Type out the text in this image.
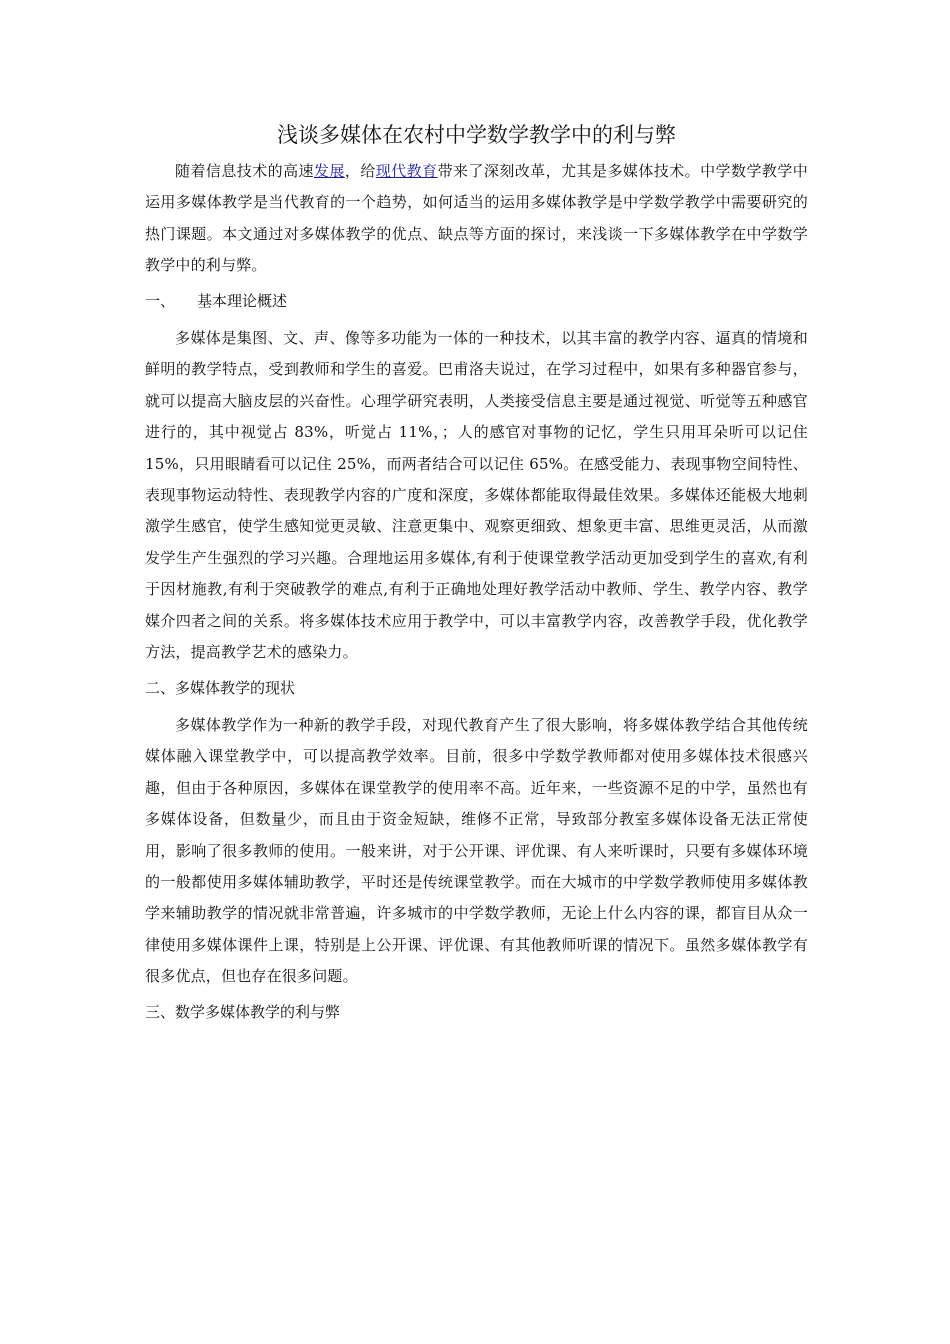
浅谈多媒体在农村中学数学教学中的利与弊

随着信息技术的高速发展，给现代教育带来了深刻改革，尤其是多媒体技术。中学数学教学中运用多媒体教学是当代教育的一个趋势，如何适当的运用多媒体教学是中学数学教学中需要研究的热门课题。本文通过对多媒体教学的优点、缺点等方面的探讨，来浅谈一下多媒体教学在中学数学教学中的利与弊。

一、 基本理论概述

多媒体是集图、文、声、像等多功能为一体的一种技术，以其丰富的教学内容、逼真的情境和鲜明的教学特点，受到教师和学生的喜爱。巴甫洛夫说过，在学习过程中，如果有多种器官参与，就可以提高大脑皮层的兴奋性。心理学研究表明，人类接受信息主要是通过视觉、听觉等五种感官进行的，其中视觉占 83%，听觉占 11%，；人的感官对事物的记忆，学生只用耳朵听可以记住 15%，只用眼睛看可以记住 25%，而两者结合可以记住 65%。在感受能力、表现事物空间特性、表现事物运动特性、表现教学内容的广度和深度，多媒体都能取得最佳效果。多媒体还能极大地刺激学生感官，使学生感知觉更灵敏、注意更集中、观察更细致、想象更丰富、思维更灵活，从而激发学生产生强烈的学习兴趣。合理地运用多媒体,有利于使课堂教学活动更加受到学生的喜欢,有利于因材施教,有利于突破教学的难点,有利于正确地处理好教学活动中教师、学生、教学内容、教学媒介四者之间的关系。将多媒体技术应用于教学中，可以丰富教学内容，改善教学手段，优化教学方法，提高教学艺术的感染力。

二、多媒体教学的现状

多媒体教学作为一种新的教学手段，对现代教育产生了很大影响，将多媒体教学结合其他传统媒体融入课堂教学中，可以提高教学效率。目前，很多中学数学教师都对使用多媒体技术很感兴趣，但由于各种原因，多媒体在课堂教学的使用率不高。近年来，一些资源不足的中学，虽然也有多媒体设备，但数量少，而且由于资金短缺，维修不正常，导致部分教室多媒体设备无法正常使用，影响了很多教师的使用。一般来讲，对于公开课、评优课、有人来听课时，只要有多媒体环境的一般都使用多媒体辅助教学，平时还是传统课堂教学。而在大城市的中学数学教师使用多媒体教学来辅助教学的情况就非常普遍，许多城市的中学数学教师，无论上什么内容的课，都盲目从众一律使用多媒体课件上课，特别是上公开课、评优课、有其他教师听课的情况下。虽然多媒体教学有很多优点，但也存在很多问题。

三、数学多媒体教学的利与弊
